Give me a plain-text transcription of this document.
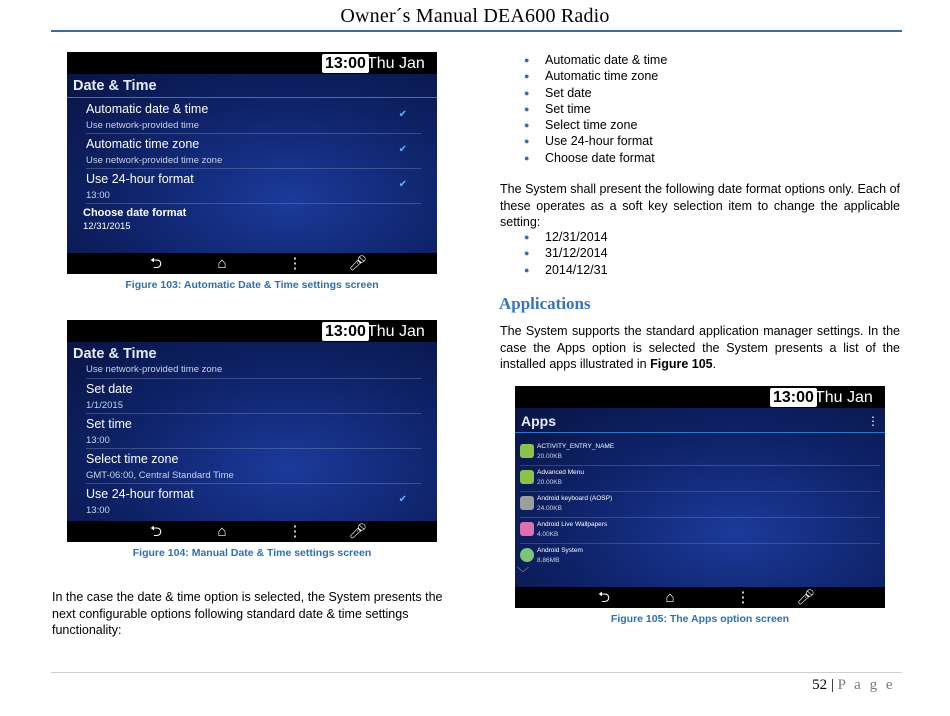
Owner´s Manual DEA600 Radio
13:00 Thu Jan
Date & Time
Automatic date & time
Use network-provided time
✔
Automatic time zone
Use network-provided time zone
✔
Use 24-hour format
13:00
✔
Choose date format
12/31/2015
⮌	⌂	⋮	🎤︎
Figure 103: Automatic Date & Time settings screen
13:00 Thu Jan
Date & Time
Use network-provided time zone
Set date
1/1/2015
Set time
13:00
Select time zone
GMT-06:00, Central Standard Time
Use 24-hour format
13:00
✔
⮌	⌂	⋮	🎤︎
Figure 104: Manual Date & Time settings screen
In the case the date & time option is selected, the System presents the next configurable options following standard date & time settings functionality:
● Automatic date & time
● Automatic time zone
● Set date
● Set time
● Select time zone
● Use 24-hour format
● Choose date format
The System shall present the following date format options only. Each of these operates as a soft key selection item to change the applicable setting:
● 12/31/2014
● 31/12/2014
● 2014/12/31
Applications
The System supports the standard application manager settings. In the case the Apps option is selected the System presents a list of the installed apps illustrated in Figure 105.
13:00 Thu Jan
Apps	⋮
ACTIVITY_ENTRY_NAME
20.00KB
Advanced Menu
20.00KB
Android keyboard (AOSP)
24.00KB
Android Live Wallpapers
4.00KB
Android System
8.86MB
﹀
⮌	⌂	⋮	🎤︎
Figure 105: The Apps option screen
52 | P a g e
